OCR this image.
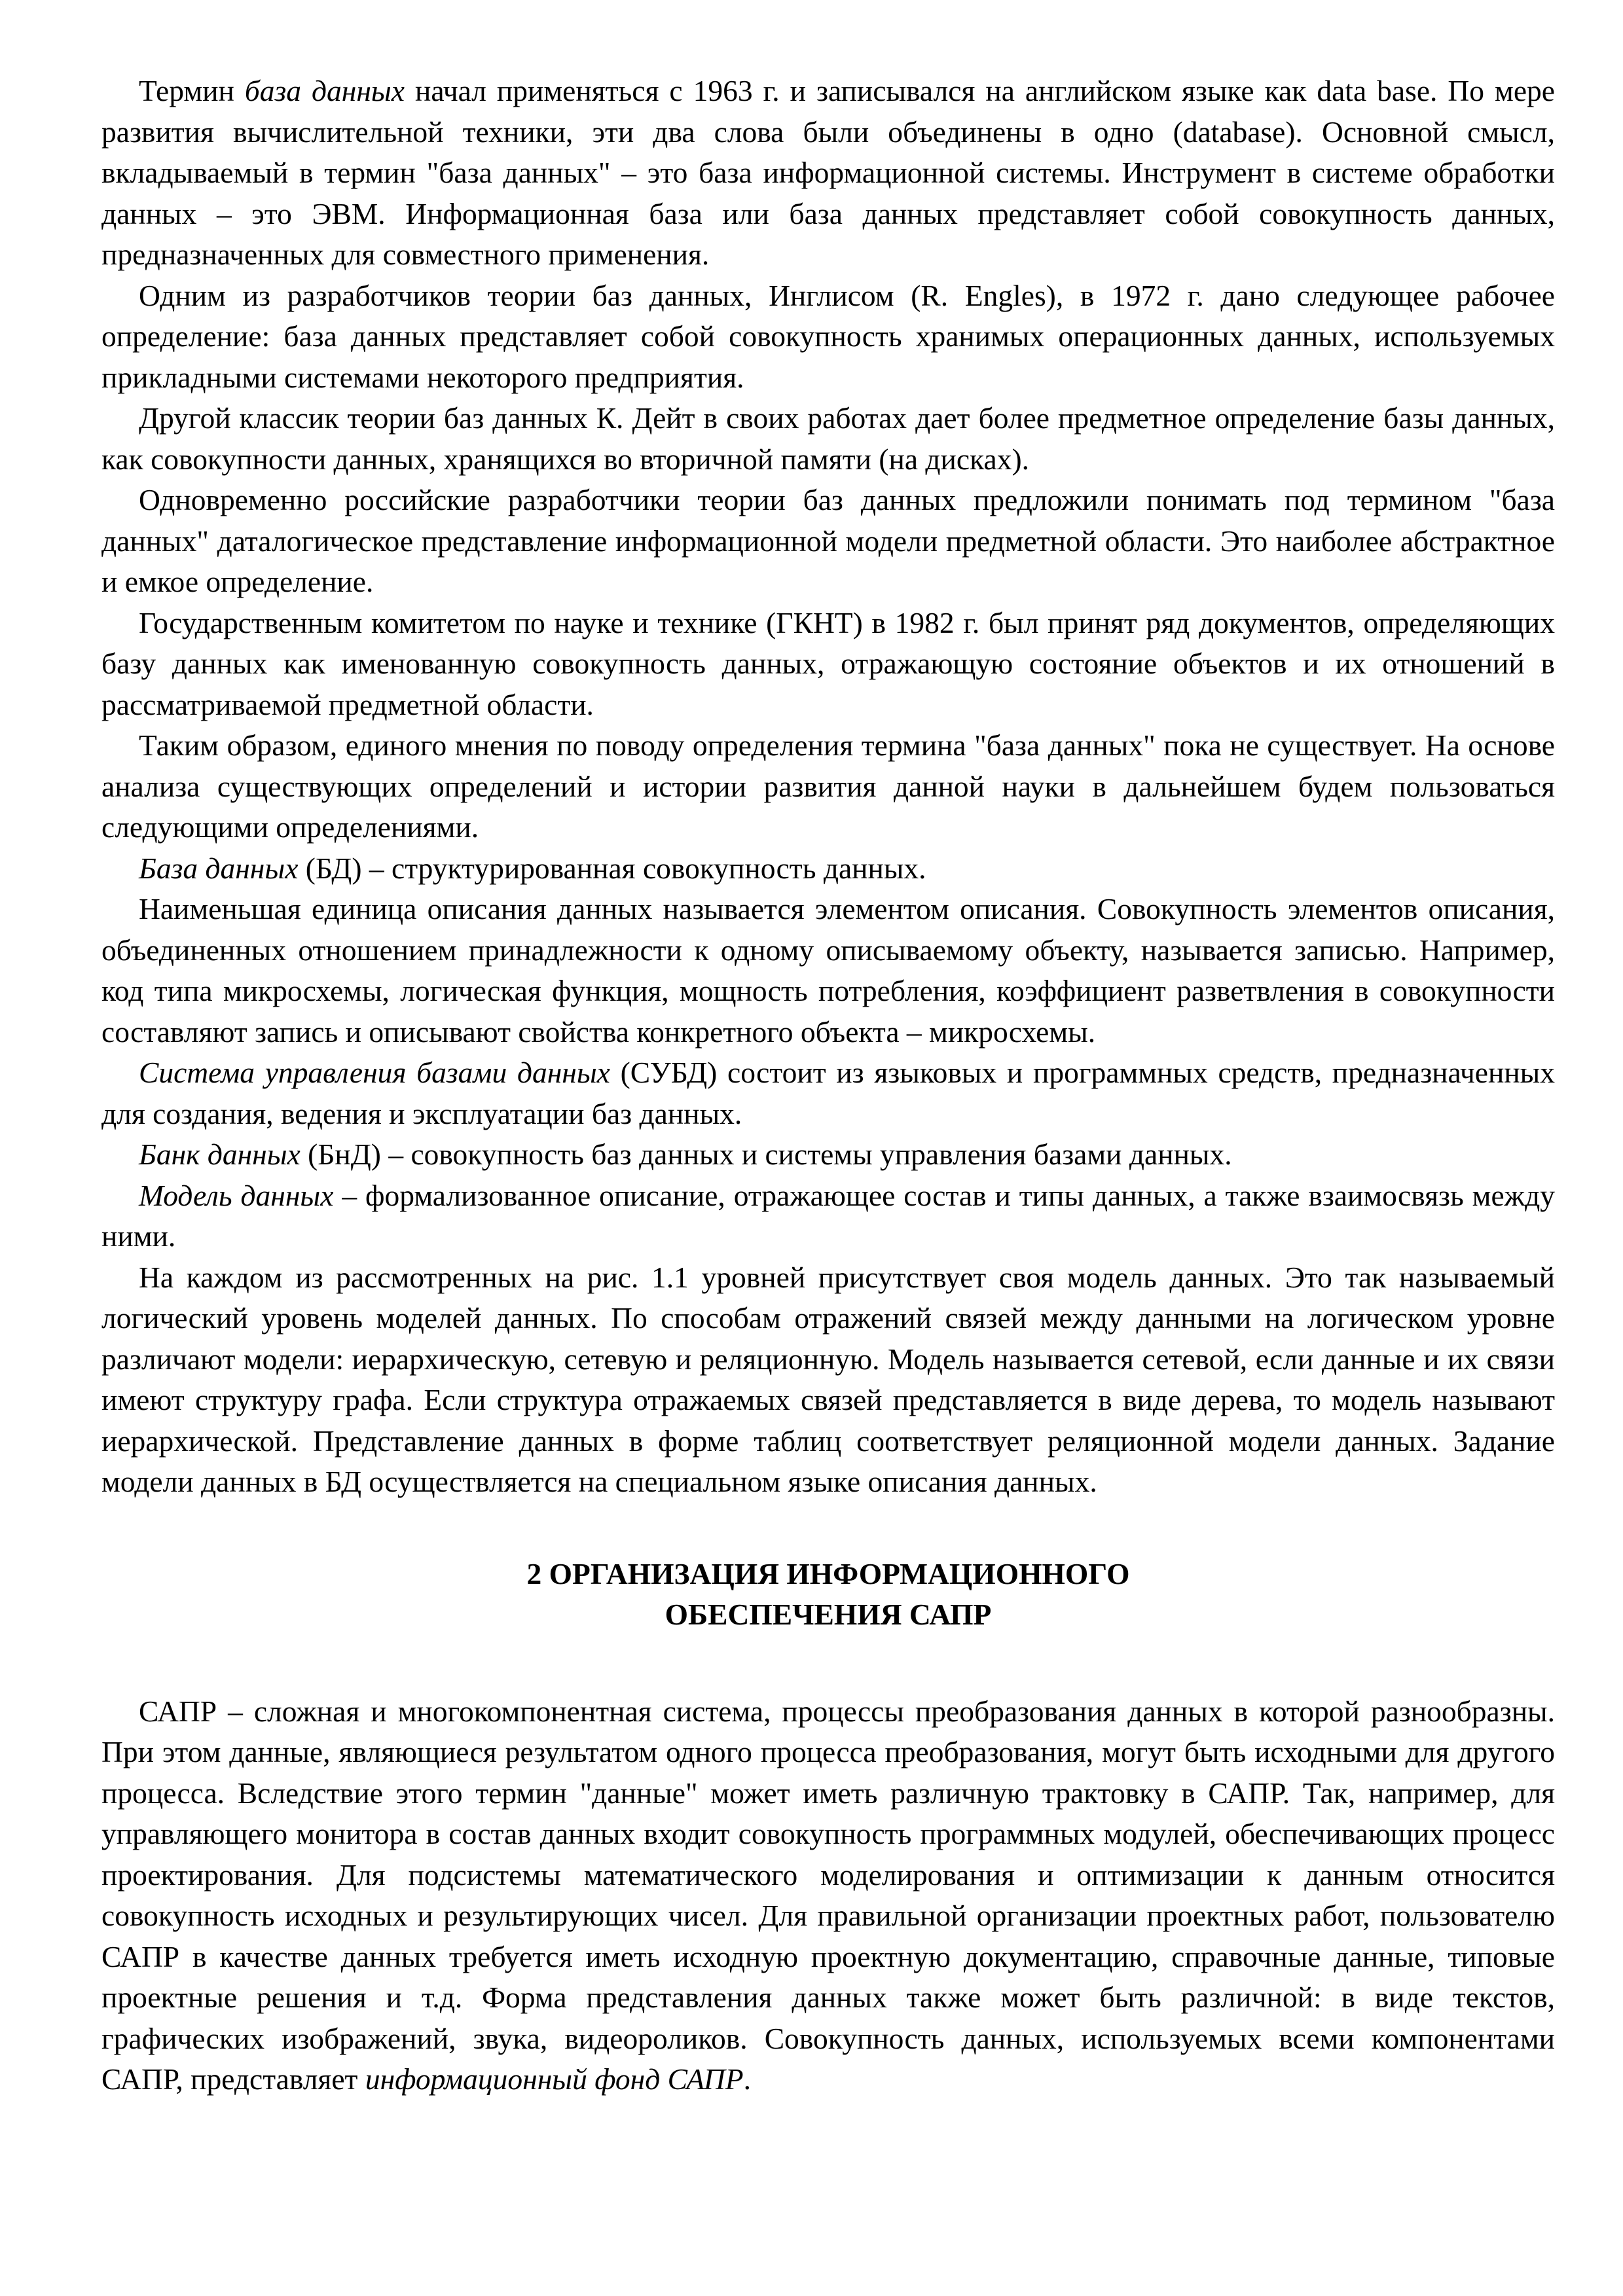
Термин база данных начал применяться с 1963 г. и записывался на английском языке как data base. По мере развития вычислительной техники, эти два слова были объединены в одно (database). Основной смысл, вкладываемый в термин "база данных" – это база информационной системы. Инструмент в системе обработки данных – это ЭВМ. Информационная база или база данных представляет собой совокупность данных, предназначенных для совместного применения.

Одним из разработчиков теории баз данных, Инглисом (R. Engles), в 1972 г. дано следующее рабочее определение: база данных представляет собой совокупность хранимых операционных данных, используемых прикладными системами некоторого предприятия.

Другой классик теории баз данных К. Дейт в своих работах дает более предметное определение базы данных, как совокупности данных, хранящихся во вторичной памяти (на дисках).

Одновременно российские разработчики теории баз данных предложили понимать под термином "база данных" даталогическое представление информационной модели предметной области. Это наиболее абстрактное и емкое определение.

Государственным комитетом по науке и технике (ГКНТ) в 1982 г. был принят ряд документов, определяющих базу данных как именованную совокупность данных, отражающую состояние объектов и их отношений в рассматриваемой предметной области.

Таким образом, единого мнения по поводу определения термина "база данных" пока не существует. На основе анализа существующих определений и истории развития данной науки в дальнейшем будем пользоваться следующими определениями.

База данных (БД) – структурированная совокупность данных.

Наименьшая единица описания данных называется элементом описания. Совокупность элементов описания, объединенных отношением принадлежности к одному описываемому объекту, называется записью. Например, код типа микросхемы, логическая функция, мощность потребления, коэффициент разветвления в совокупности составляют запись и описывают свойства конкретного объекта – микросхемы.

Система управления базами данных (СУБД) состоит из языковых и программных средств, предназначенных для создания, ведения и эксплуатации баз данных.

Банк данных (БнД) – совокупность баз данных и системы управления базами данных.

Модель данных – формализованное описание, отражающее состав и типы данных, а также взаимосвязь между ними.

На каждом из рассмотренных на рис. 1.1 уровней присутствует своя модель данных. Это так называемый логический уровень моделей данных. По способам отражений связей между данными на логическом уровне различают модели: иерархическую, сетевую и реляционную. Модель называется сетевой, если данные и их связи имеют структуру графа. Если структура отражаемых связей представляется в виде дерева, то модель называют иерархической. Представление данных в форме таблиц соответствует реляционной модели данных. Задание модели данных в БД осуществляется на специальном языке описания данных.

2 ОРГАНИЗАЦИЯ ИНФОРМАЦИОННОГО
ОБЕСПЕЧЕНИЯ САПР

САПР – сложная и многокомпонентная система, процессы преобразования данных в которой разнообразны. При этом данные, являющиеся результатом одного процесса преобразования, могут быть исходными для другого процесса. Вследствие этого термин "данные" может иметь различную трактовку в САПР. Так, например, для управляющего монитора в состав данных входит совокупность программных модулей, обеспечивающих процесс проектирования. Для подсистемы математического моделирования и оптимизации к данным относится совокупность исходных и результирующих чисел. Для правильной организации проектных работ, пользователю САПР в качестве данных требуется иметь исходную проектную документацию, справочные данные, типовые проектные решения и т.д. Форма представления данных также может быть различной: в виде текстов, графических изображений, звука, видеороликов. Совокупность данных, используемых всеми компонентами САПР, представляет информационный фонд САПР.
